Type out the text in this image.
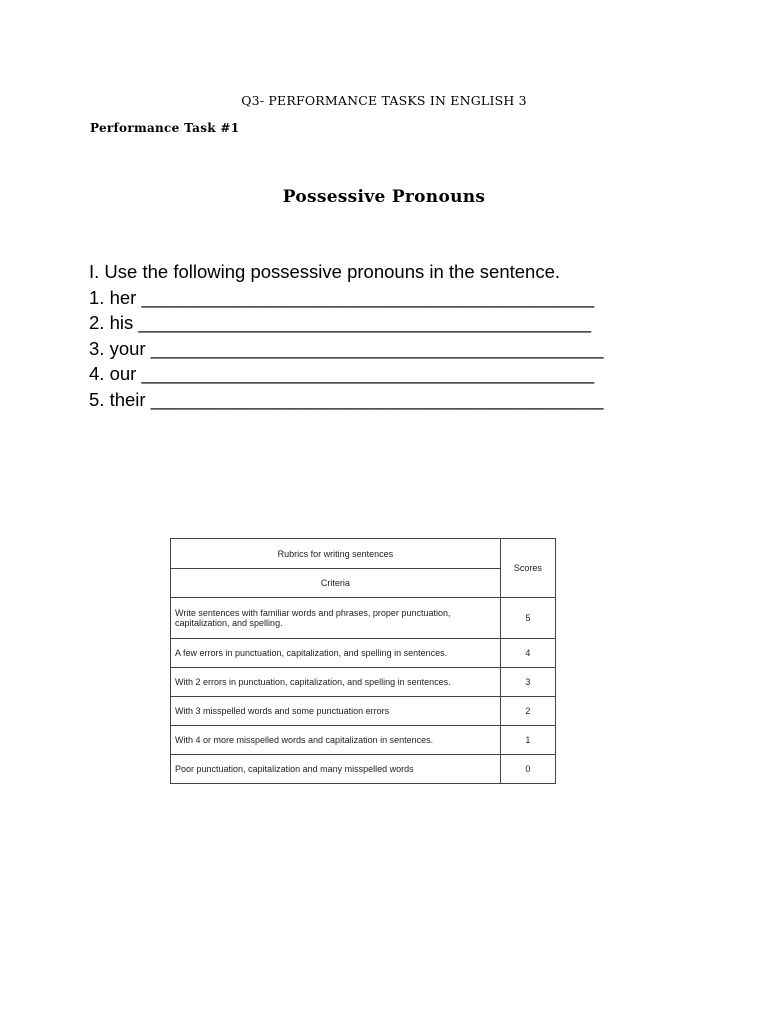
Q3- PERFORMANCE TASKS IN ENGLISH 3
Performance Task #1
Possessive Pronouns
I. Use the following possessive pronouns in the sentence.
1. her ____________________________________________
2. his ____________________________________________
3. your ____________________________________________
4. our ____________________________________________
5. their ____________________________________________
Rubrics for writing sentences	Scores
Criteria	
Write sentences with familiar words and phrases, proper punctuation, capitalization, and spelling.	5
A few errors in punctuation, capitalization, and spelling in sentences.	4
With 2 errors in punctuation, capitalization, and spelling in sentences.	3
With 3 misspelled words and some punctuation errors	2
With 4 or more misspelled words and capitalization in sentences.	1
Poor punctuation, capitalization and many misspelled words	0
